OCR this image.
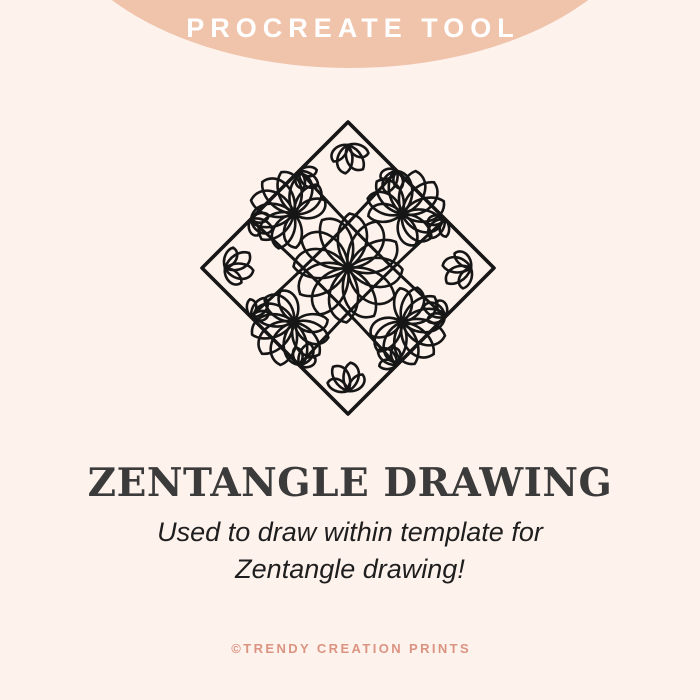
PROCREATE TOOL
ZENTANGLE DRAWING
Used to draw within template for
Zentangle drawing!
©TRENDY CREATION PRINTS
